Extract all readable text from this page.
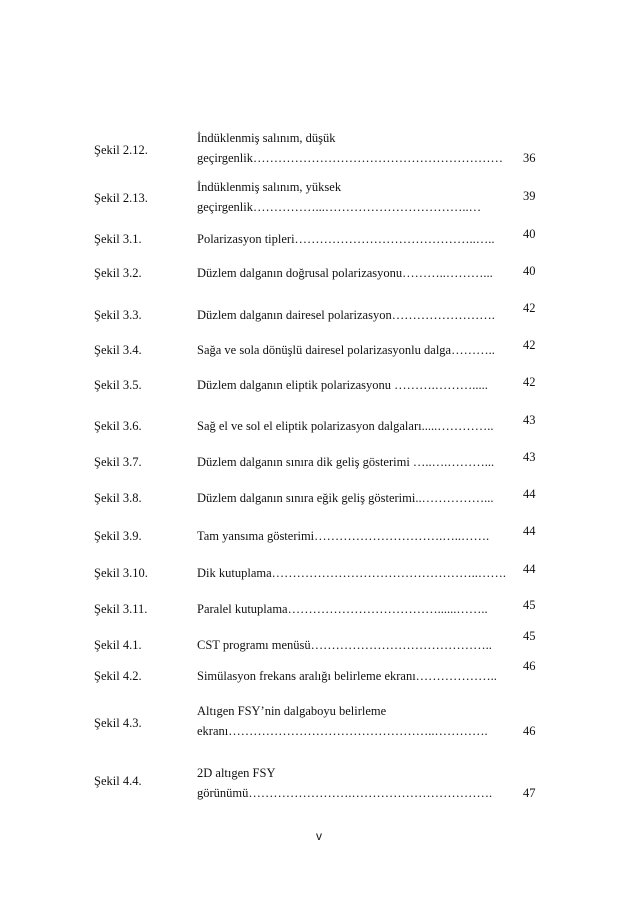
Şekil 2.12.
İndüklenmiş salınım, düşük
geçirgenlik…………………………………………………… 36
Şekil 2.13.
İndüklenmiş salınım, yüksek
geçirgenlik……………...……………………………..…
39
Şekil 3.1.	Polarizasyon tipleri……………………………………..….. 40
Şekil 3.2.	Düzlem dalganın doğrusal polarizasyonu………..………... 40
Şekil 3.3.	Düzlem dalganın dairesel polarizasyon……………………. 42
Şekil 3.4.	Sağa ve sola dönüşlü dairesel polarizasyonlu dalga……….. 42
Şekil 3.5.	Düzlem dalganın eliptik polarizasyonu ……….……….....	42
Şekil 3.6.	Sağ el ve sol el eliptik polarizasyon dalgaları.....………….. 43
Şekil 3.7.	Düzlem dalganın sınıra dik geliş gösterimi …..….………... 43
Şekil 3.8.	Düzlem dalganın sınıra eğik geliş gösterimi..……………... 44
Şekil 3.9.	Tam yansıma gösterimi………………………….…..…….	44
Şekil 3.10.	Dik kutuplama…………………………………………..……. 44
Şekil 3.11.	Paralel kutuplama………………………………......……..	45
Şekil 4.1.	CST programı menüsü……………………………………..
45
Şekil 4.2.	Simülasyon frekans aralığı belirleme ekranı………………..
46
Şekil 4.3.
Altıgen FSY’nin dalgaboyu belirleme
ekranı…………………………………………..………….	46
Şekil 4.4.
2D altıgen FSY
görünümü…………………….……………………………. 47
v
